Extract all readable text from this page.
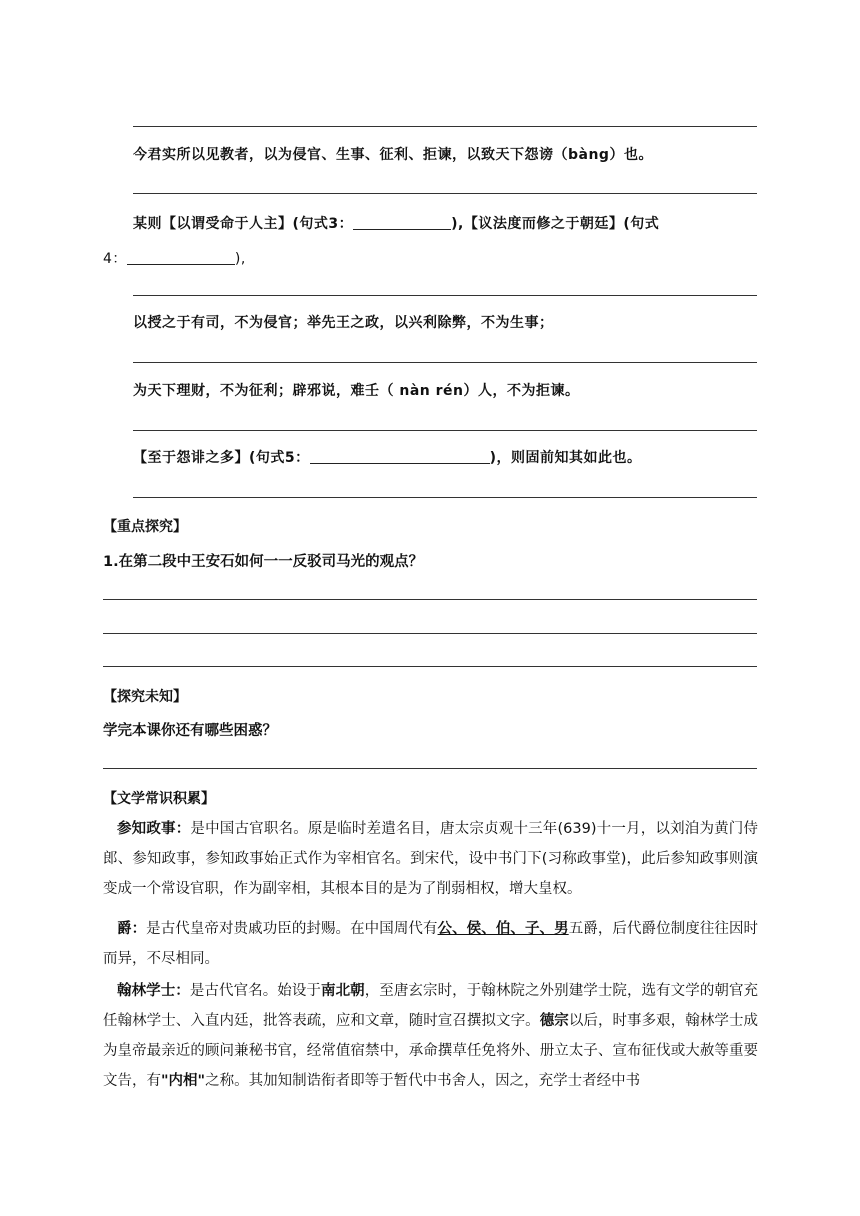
今君实所以见教者，以为侵官、生事、征利、拒谏，以致天下怨谤（bàng）也。
某则【以谓受命于人主】(句式3：	),【议法度而修之于朝廷】(句式
4：	),
以授之于有司，不为侵官；举先王之政，以兴利除弊，不为生事；
为天下理财，不为征利；辟邪说，难壬（ nàn rén）人，不为拒谏。
【至于怨诽之多】(句式5：	)，则固前知其如此也。
【重点探究】
1.在第二段中王安石如何一一反驳司马光的观点？
【探究未知】
学完本课你还有哪些困惑？
【文学常识积累】
参知政事：是中国古官职名。原是临时差遣名目，唐太宗贞观十三年(639)十一月，以刘洎为黄门侍郎、参知政事，参知政事始正式作为宰相官名。到宋代，设中书门下(习称政事堂)，此后参知政事则演变成一个常设官职，作为副宰相，其根本目的是为了削弱相权，增大皇权。
爵：是古代皇帝对贵戚功臣的封赐。在中国周代有公、侯、伯、子、男五爵，后代爵位制度往往因时而异，不尽相同。
翰林学士：是古代官名。始设于南北朝，至唐玄宗时，于翰林院之外别建学士院，选有文学的朝官充任翰林学士、入直内廷，批答表疏，应和文章，随时宣召撰拟文字。德宗以后，时事多艰，翰林学士成为皇帝最亲近的顾问兼秘书官，经常值宿禁中，承命撰草任免将外、册立太子、宣布征伐或大赦等重要文告，有"内相"之称。其加知制诰衔者即等于暂代中书舍人，因之，充学士者经中书
